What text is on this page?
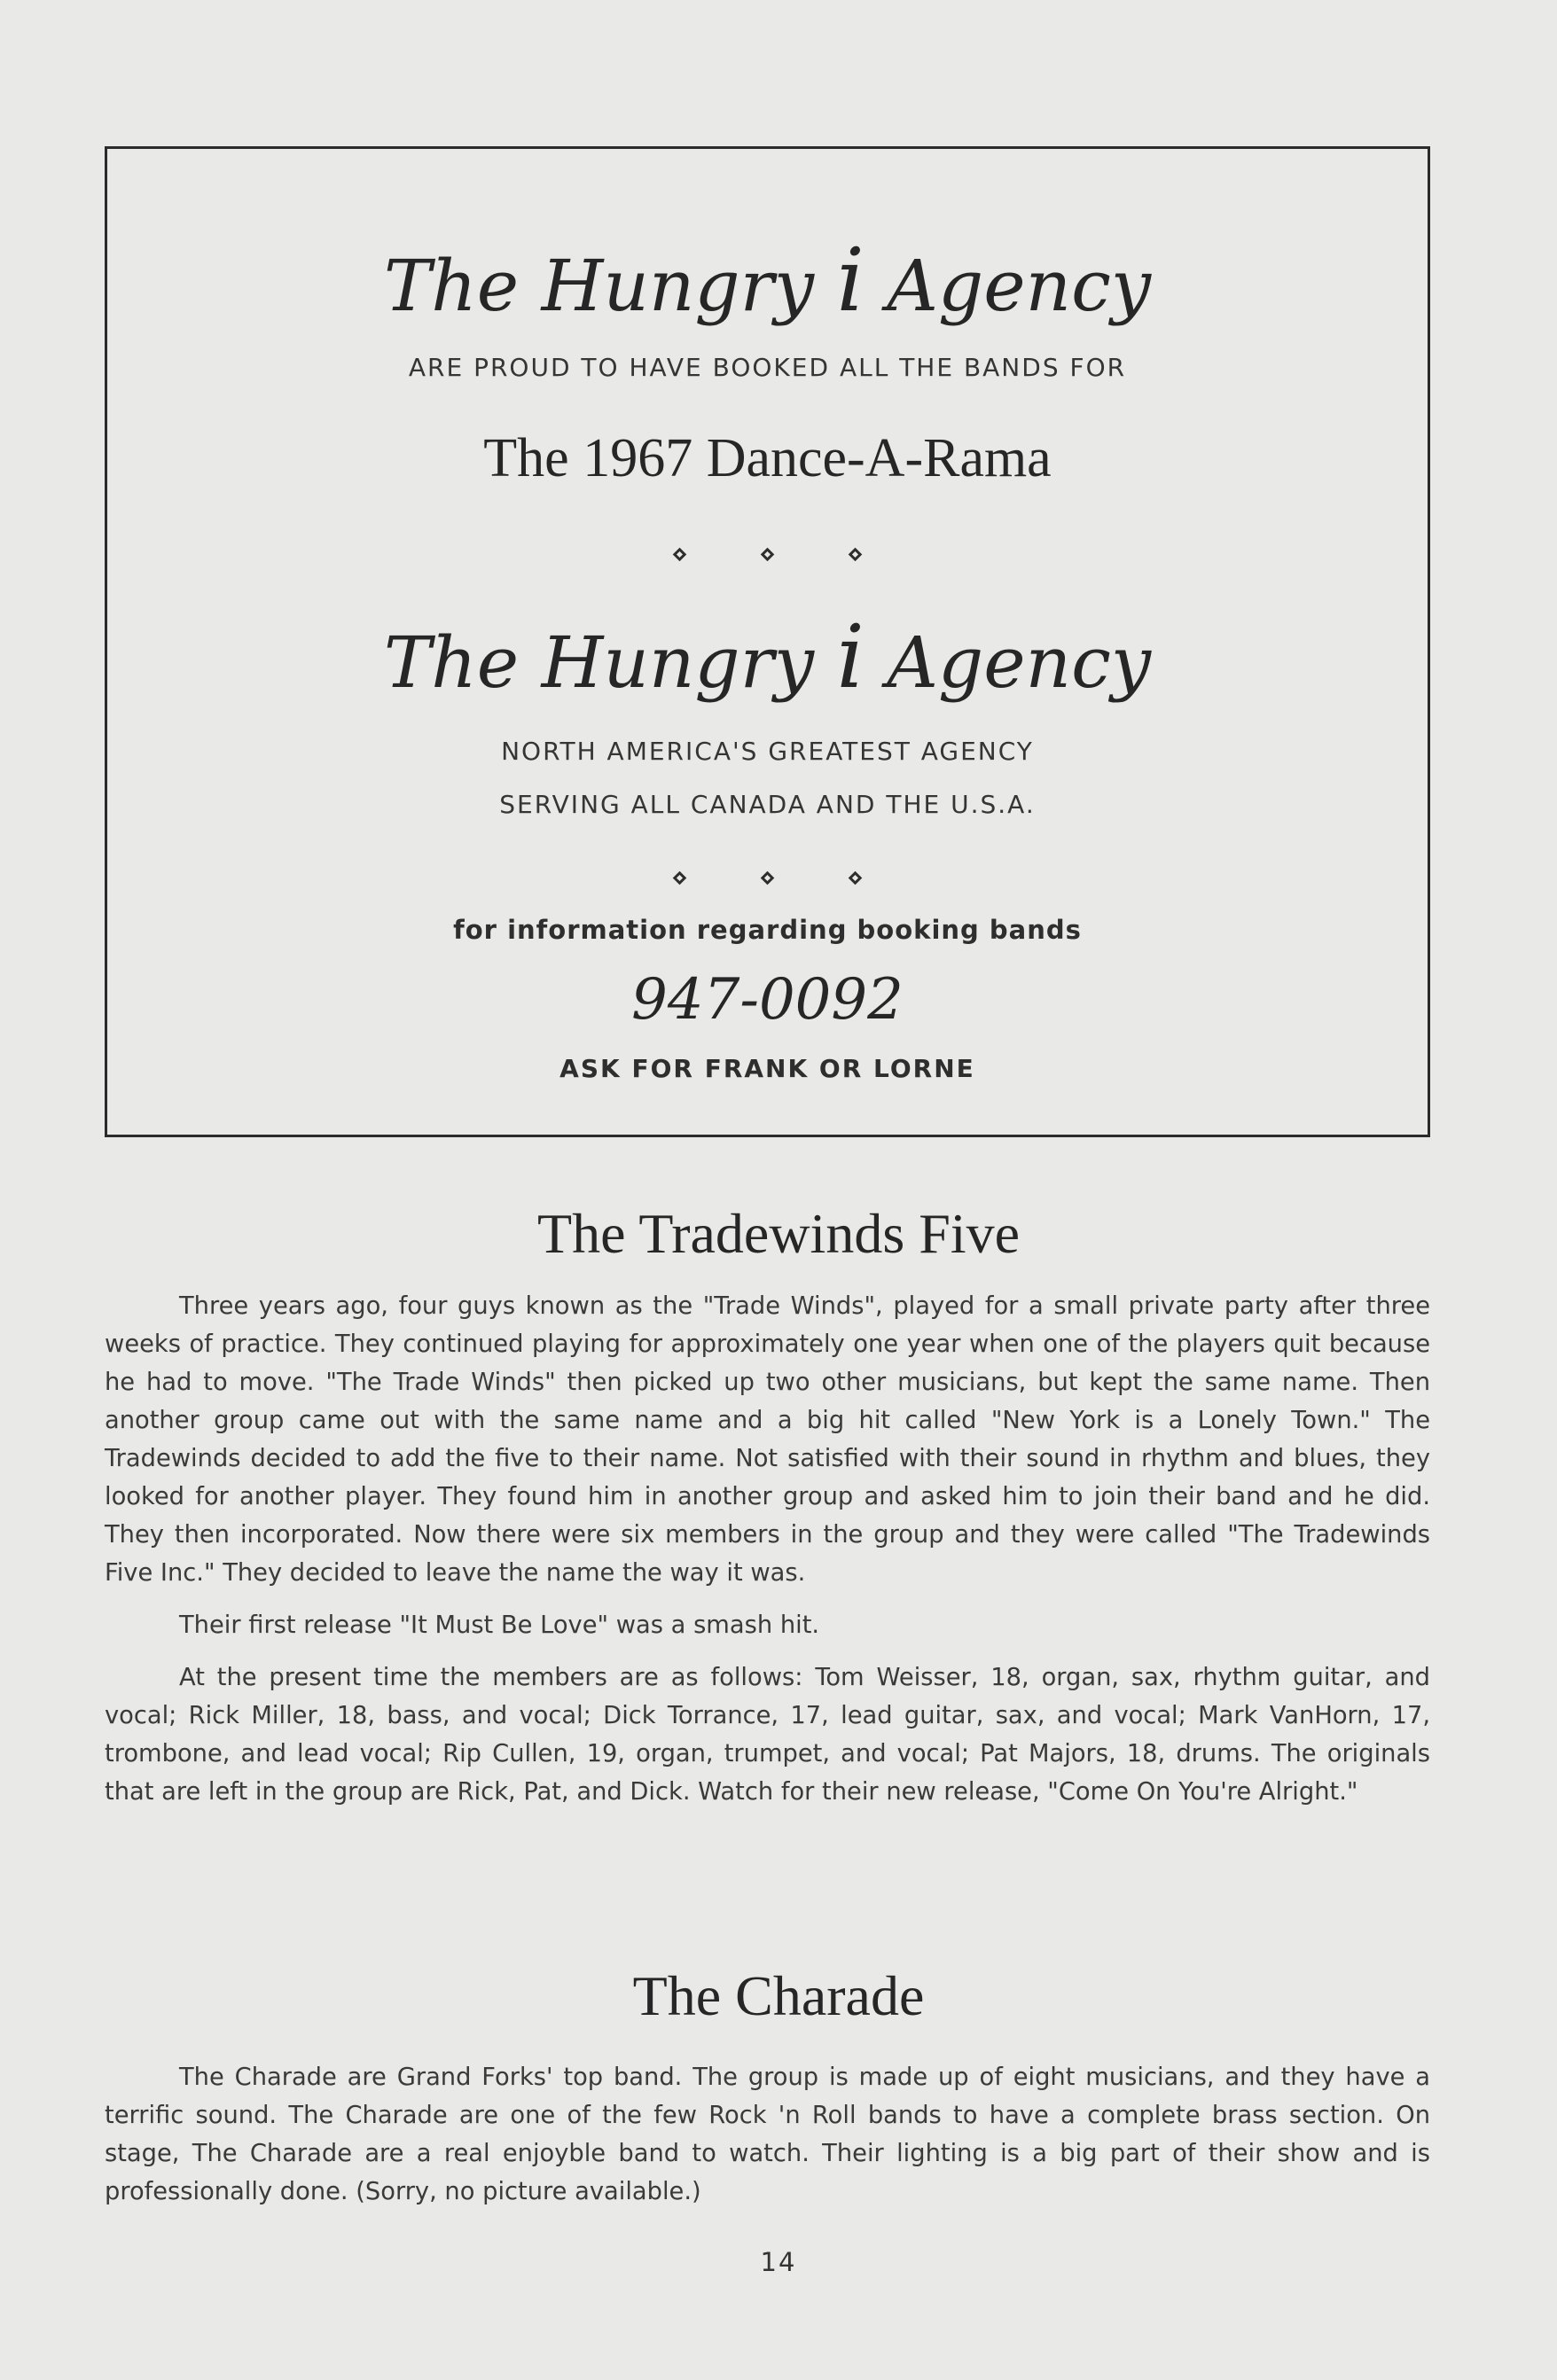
The Hungry i Agency
ARE PROUD TO HAVE BOOKED ALL THE BANDS FOR
The 1967 Dance-A-Rama
The Hungry i Agency
NORTH AMERICA'S GREATEST AGENCY
SERVING ALL CANADA AND THE U.S.A.
for information regarding booking bands
947-0092
ASK FOR FRANK OR LORNE
The Tradewinds Five

Three years ago, four guys known as the "Trade Winds", played for a small private party after three weeks of practice. They continued playing for approximately one year when one of the players quit because he had to move. "The Trade Winds" then picked up two other musicians, but kept the same name. Then another group came out with the same name and a big hit called "New York is a Lonely Town." The Tradewinds decided to add the five to their name. Not satisfied with their sound in rhythm and blues, they looked for another player. They found him in another group and asked him to join their band and he did. They then incorporated. Now there were six members in the group and they were called "The Tradewinds Five Inc." They decided to leave the name the way it was.

Their first release "It Must Be Love" was a smash hit.

At the present time the members are as follows: Tom Weisser, 18, organ, sax, rhythm guitar, and vocal; Rick Miller, 18, bass, and vocal; Dick Torrance, 17, lead guitar, sax, and vocal; Mark VanHorn, 17, trombone, and lead vocal; Rip Cullen, 19, organ, trumpet, and vocal; Pat Majors, 18, drums. The originals that are left in the group are Rick, Pat, and Dick. Watch for their new release, "Come On You're Alright."

The Charade

The Charade are Grand Forks' top band. The group is made up of eight musicians, and they have a terrific sound. The Charade are one of the few Rock 'n Roll bands to have a complete brass section. On stage, The Charade are a real enjoyble band to watch. Their lighting is a big part of their show and is professionally done. (Sorry, no picture available.)

14
